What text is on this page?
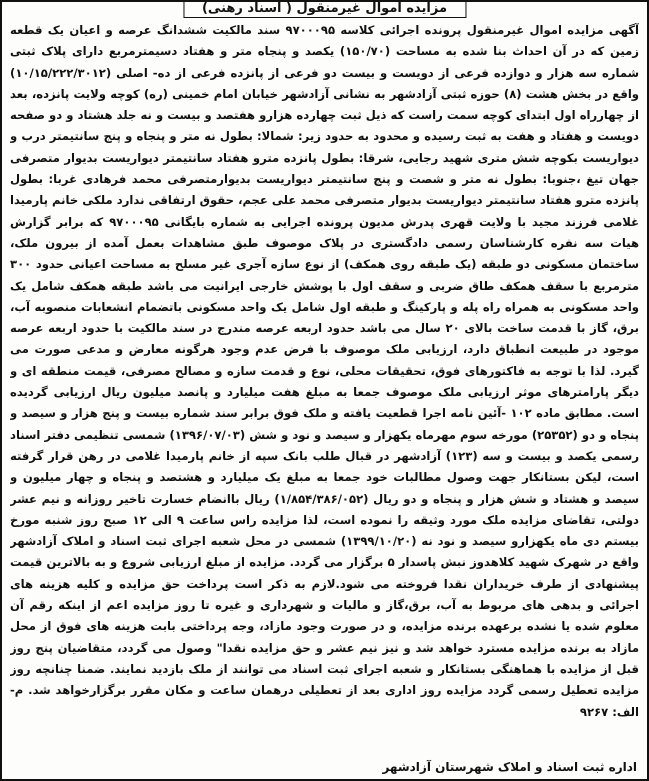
مزایده اموال غیرمنقول ( اسناد رهنی)
آگهی مزایده اموال غیرمنقول پرونده اجرائی کلاسه ۹۷۰۰۰۹۵ سند مالکیت ششدانگ عرصه و اعیان یک قطعه زمین که در آن احداث بنا شده به مساحت (۱۵۰/۷۰) یکصد و پنجاه متر و هفتاد دسیمترمربع دارای پلاک ثبتی شماره سه هزار و دوازده فرعی از دویست و بیست دو فرعی از پانزده فرعی از ده- اصلی (۱۰/۱۵/۲۲۲/۳۰۱۲) واقع در بخش هشت (۸) حوزه ثبتی آزادشهر به نشانی آزادشهر خیابان امام خمینی (ره) کوچه ولایت پانزده، بعد از چهارراه اول ابتدای کوچه سمت راست که ذیل ثبت چهارده هزارو هفتصد و بیست و نه جلد هشتاد و دو صفحه دویست و هفتاد و هفت به ثبت رسیده و محدود به حدود زیر: شمالا: بطول نه متر و پنجاه و پنج سانتیمتر درب و دیواریست بکوچه شش متری شهید رجایی، شرقا: بطول پانزده مترو هفتاد سانتیمتر دیواریست بدیوار متصرفی جهان تیغ ،جنوبا: بطول نه متر و شصت و پنج سانتیمتر دیواریست بدیوارمتصرفی محمد فرهادی غربا: بطول پانزده مترو هفتاد سانتیمتر دیواریست بدیوار متصرفی محمد علی عجم، حقوق ارتفاقی ندارد ملکی خانم پارمیدا غلامی فرزند مجید با ولایت قهری پدرش مدیون پرونده اجرایی به شماره بایگانی ۹۷۰۰۰۹۵ که برابر گزارش هیات سه نفره کارشناسان رسمی دادگستری در پلاک موصوف طبق مشاهدات بعمل آمده از بیرون ملک، ساختمان مسکونی دو طبقه (یک طبقه روی همکف) از نوع سازه آجری غیر مسلح به مساحت اعیانی حدود ۳۰۰ مترمربع با سقف همکف طاق ضربی و سقف اول با پوشش خارجی ایرانیت می باشد طبقه همکف شامل یک واحد مسکونی به همراه راه پله و پارکینگ و طبقه اول شامل یک واحد مسکونی باتضمام انشعابات منصوبه آب، برق، گاز با قدمت ساخت بالای ۲۰ سال می باشد حدود اربعه عرصه مندرج در سند مالکیت با حدود اربعه عرصه موجود در طبیعت انطباق دارد، ارزیابی ملک موصوف با فرض عدم وجود هرگونه معارض و مدعی صورت می گیرد. لذا با توجه به فاکتورهای فوق، تحقیقات محلی، نوع و قدمت سازه و مصالح مصرفی، قیمت منطقه ای و دیگر پارامترهای موثر ارزیابی ملک موصوف جمعا به مبلغ هفت میلیارد و پانصد میلیون ریال ارزیابی گردیده است. مطابق ماده ۱۰۲ -آئین نامه اجرا قطعیت یافته و ملک فوق برابر سند شماره بیست و پنج هزار و سیصد و پنجاه و دو (۲۵۳۵۲) مورخه سوم مهرماه یکهزار و سیصد و نود و شش (۱۳۹۶/۰۷/۰۳) شمسی تنظیمی دفتر اسناد رسمی یکصد و بیست و سه (۱۲۳) آزادشهر در قبال طلب بانک سپه از خانم پارمیدا غلامی در رهن قرار گرفته است، لیکن بستانکار جهت وصول مطالبات خود جمعا به مبلغ یک میلیارد و هشتصد و پنجاه و چهار میلیون و سیصد و هشتاد و شش هزار و پنجاه و دو ریال (۱/۸۵۴/۳۸۶/۰۵۲) ریال باانضام خسارت تاخیر روزانه و نیم عشر دولتی، تقاضای مزایده ملک مورد وثیقه را نموده است، لذا مزایده راس ساعت ۹ الی ۱۲ صبح روز شنبه مورخ بیستم دی ماه یکهزارو سیصد و نود نه (۱۳۹۹/۱۰/۲۰) شمسی در محل شعبه اجرای ثبت اسناد و املاک آزادشهر واقع در شهرک شهید کلاهدوز نبش پاسدار ۵ برگزار می گردد. مزایده از مبلغ ارزیابی شروع و به بالاترین قیمت پیشنهادی از طرف خریداران نقدا فروخته می شود.لازم به ذکر است پرداخت حق مزایده و کلیه هزینه های اجرائی و بدهی های مربوط به آب، برق،گاز و مالیات و شهرداری و غیره تا روز مزایده اعم از اینکه رقم آن معلوم شده یا نشده برعهده برنده مزایده، و در صورت وجود مازاد، وجه پرداختی بابت هزینه های فوق از محل مازاد به برنده مزایده مسترد خواهد شد و نیز نیم عشر و حق مزایده نقدا" وصول می گردد، متقاضیان پنج روز قبل از مزایده با هماهنگی بستانکار و شعبه اجرای ثبت اسناد می توانند از ملک بازدید نمایند. ضمنا چنانچه روز مزایده تعطیل رسمی گردد مزایده روز اداری بعد از تعطیلی درهمان ساعت و مکان مقرر برگزارخواهد شد. م-الف: ۹۲۶۷
اداره ثبت اسناد و املاک شهرستان آزادشهر
